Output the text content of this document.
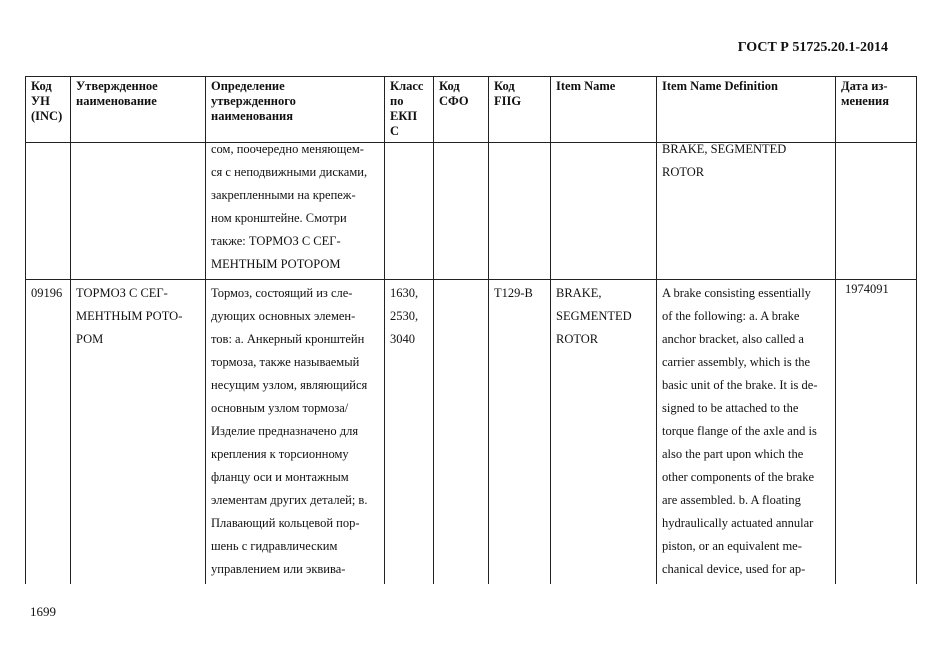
ГОСТ Р 51725.20.1-2014
Код
УН
(INC)
Утвержденное
наименование
Определение
утвержденного
наименования
Класс
по
ЕКП
С
Код
СФО
Код
FIIG
Item Name	Item Name Definition	Дата из-
менения
сом, поочередно меняющем-
ся с неподвижными дисками,
закрепленными на крепеж-
ном кронштейне. Смотри
также: ТОРМОЗ С СЕГ-
МЕНТНЫМ РОТОРОМ
BRAKE, SEGMENTED
ROTOR
09196 ТОРМОЗ С СЕГ-
МЕНТНЫМ РОТО-
РОМ
Тормоз, состоящий из сле-
дующих основных элемен-
тов: а. Анкерный кронштейн
тормоза, также называемый
несущим узлом, являющийся
основным узлом тормоза/
Изделие предназначено для
крепления к торсионному
фланцу оси и монтажным
элементам других деталей; в.
Плавающий кольцевой пор-
шень с гидравлическим
управлением или эквива-
1630,
2530,
3040
T129-B BRAKE,
SEGMENTED
ROTOR
A brake consisting essentially
of the following: a. A brake
anchor bracket, also called a
carrier assembly, which is the
basic unit of the brake. It is de-
signed to be attached to the
torque flange of the axle and is
also the part upon which the
other components of the brake
are assembled. b. A floating
hydraulically actuated annular
piston, or an equivalent me-
chanical device, used for ap-
1974091
1699
